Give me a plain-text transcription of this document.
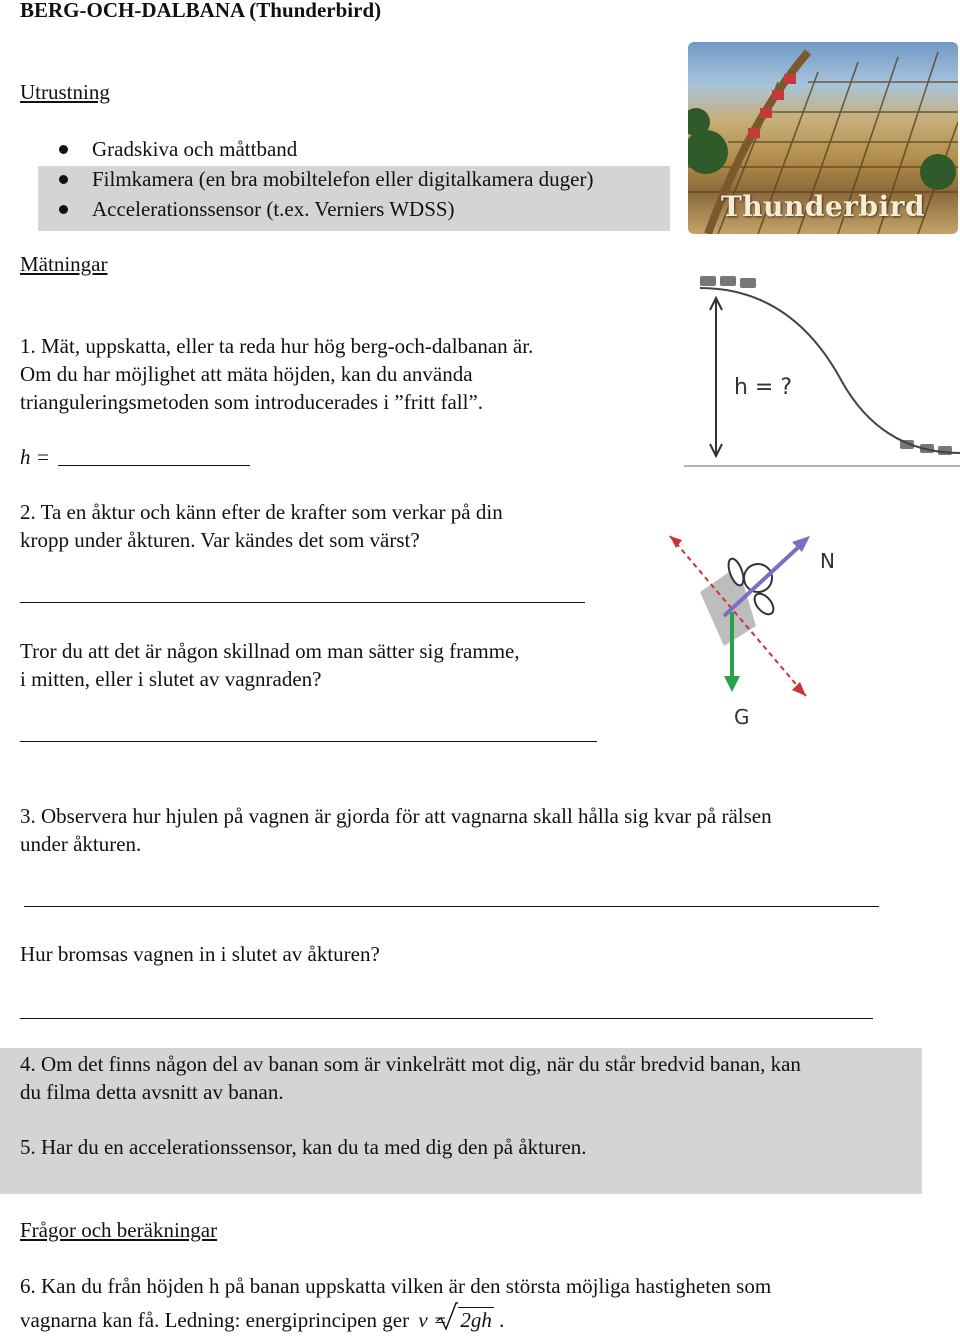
BERG-OCH-DALBANA (Thunderbird)
Utrustning
Gradskiva och måttband
Filmkamera (en bra mobiltelefon eller digitalkamera duger)
Accelerationssensor (t.ex. Verniers WDSS)
Mätningar
1. Mät, uppskatta, eller ta reda hur hög berg-och-dalbanan är.
Om du har möjlighet att mäta höjden, kan du använda
trianguleringsmetoden som introducerades i ”fritt fall”.
h =
2. Ta en åktur och känn efter de krafter som verkar på din
kropp under åkturen. Var kändes det som värst?
Tror du att det är någon skillnad om man sätter sig framme,
i mitten, eller i slutet av vagnraden?
3. Observera hur hjulen på vagnen är gjorda för att vagnarna skall hålla sig kvar på rälsen
under åkturen.
Hur bromsas vagnen in i slutet av åkturen?
4. Om det finns någon del av banan som är vinkelrätt mot dig, när du står bredvid banan, kan
du filma detta avsnitt av banan.
5. Har du en accelerationssensor, kan du ta med dig den på åkturen.
Frågor och beräkningar
6. Kan du från höjden h på banan uppskatta vilken är den största möjliga hastigheten som
vagnarna kan få. Ledning: energiprincipen ger v = 2gh .
Thunderbird
h = ?
N
G
